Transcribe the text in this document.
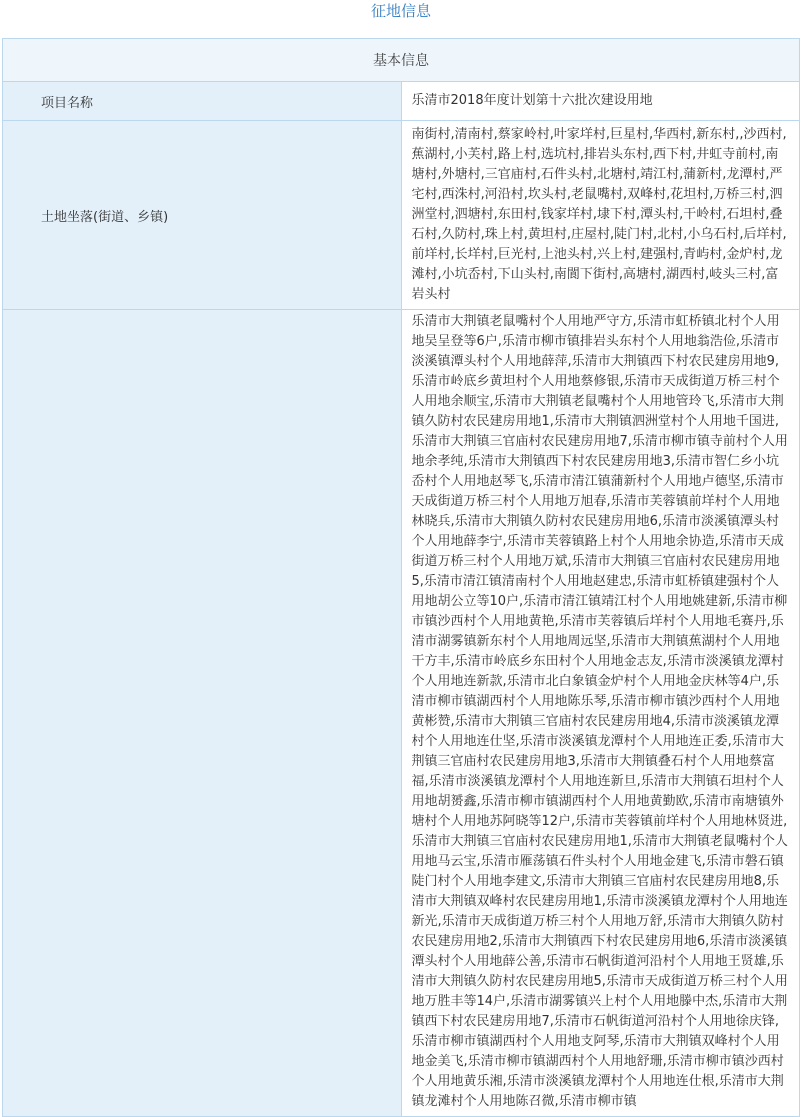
征地信息
基本信息	
项目名称	乐清市2018年度计划第十六批次建设用地
土地坐落(街道、乡镇)	南街村,清南村,蔡家岭村,叶家垟村,巨星村,华西村,新东村,,沙西村,蕉湖村,小芙村,路上村,选坑村,排岩头东村,西下村,井虹寺前村,南塘村,外塘村,三官庙村,石件头村,北塘村,靖江村,蒲新村,龙潭村,严宅村,西洙村,河沿村,坎头村,老鼠嘴村,双峰村,花坦村,万桥三村,泗洲堂村,泗塘村,东田村,钱家垟村,埭下村,潭头村,干岭村,石坦村,叠石村,久防村,珠上村,黄坦村,庄屋村,陡门村,北村,小乌石村,后垟村,前垟村,长垟村,巨光村,上池头村,兴上村,建强村,青屿村,金炉村,龙滩村,小坑岙村,下山头村,南閬下街村,高塘村,湖西村,岐头三村,富岩头村
	乐清市大荆镇老鼠嘴村个人用地严守方,乐清市虹桥镇北村个人用地吴呈登等6户,乐清市柳市镇排岩头东村个人用地翁浩俭,乐清市淡溪镇潭头村个人用地薛萍,乐清市大荆镇西下村农民建房用地9,乐清市岭底乡黄坦村个人用地蔡修银,乐清市天成街道万桥三村个人用地余顺宝,乐清市大荆镇老鼠嘴村个人用地管玲飞,乐清市大荆镇久防村农民建房用地1,乐清市大荆镇泗洲堂村个人用地千国进,乐清市大荆镇三官庙村农民建房用地7,乐清市柳市镇寺前村个人用地余孝纯,乐清市大荆镇西下村农民建房用地3,乐清市智仁乡小坑岙村个人用地赵琴飞,乐清市清江镇蒲新村个人用地卢德坚,乐清市天成街道万桥三村个人用地万旭春,乐清市芙蓉镇前垟村个人用地林晓兵,乐清市大荆镇久防村农民建房用地6,乐清市淡溪镇潭头村个人用地薛李宁,乐清市芙蓉镇路上村个人用地余协造,乐清市天成街道万桥三村个人用地万斌,乐清市大荆镇三官庙村农民建房用地5,乐清市清江镇清南村个人用地赵建忠,乐清市虹桥镇建强村个人用地胡公立等10户,乐清市清江镇靖江村个人用地姚建新,乐清市柳市镇沙西村个人用地黄艳,乐清市芙蓉镇后垟村个人用地毛赛丹,乐清市湖雾镇新东村个人用地周远坚,乐清市大荆镇蕉湖村个人用地干方丰,乐清市岭底乡东田村个人用地金志友,乐清市淡溪镇龙潭村个人用地连新款,乐清市北白象镇金炉村个人用地金庆林等4户,乐清市柳市镇湖西村个人用地陈乐琴,乐清市柳市镇沙西村个人用地黄彬赞,乐清市大荆镇三官庙村农民建房用地4,乐清市淡溪镇龙潭村个人用地连仕坚,乐清市淡溪镇龙潭村个人用地连正委,乐清市大荆镇三官庙村农民建房用地3,乐清市大荆镇叠石村个人用地蔡富福,乐清市淡溪镇龙潭村个人用地连新旦,乐清市大荆镇石坦村个人用地胡赟鑫,乐清市柳市镇湖西村个人用地黄勤欧,乐清市南塘镇外塘村个人用地苏阿晓等12户,乐清市芙蓉镇前垟村个人用地林贤进,乐清市大荆镇三官庙村农民建房用地1,乐清市大荆镇老鼠嘴村个人用地马云宝,乐清市雁荡镇石件头村个人用地金建飞,乐清市磐石镇陡门村个人用地李建文,乐清市大荆镇三官庙村农民建房用地8,乐清市大荆镇双峰村农民建房用地1,乐清市淡溪镇龙潭村个人用地连新光,乐清市天成街道万桥三村个人用地万舒,乐清市大荆镇久防村农民建房用地2,乐清市大荆镇西下村农民建房用地6,乐清市淡溪镇潭头村个人用地薛公善,乐清市石帆街道河沿村个人用地王贤雄,乐清市大荆镇久防村农民建房用地5,乐清市天成街道万桥三村个人用地万胜丰等14户,乐清市湖雾镇兴上村个人用地滕中杰,乐清市大荆镇西下村农民建房用地7,乐清市石帆街道河沿村个人用地徐庆锋,乐清市柳市镇湖西村个人用地支阿琴,乐清市大荆镇双峰村个人用地金美飞,乐清市柳市镇湖西村个人用地舒珊,乐清市柳市镇沙西村个人用地黄乐湘,乐清市淡溪镇龙潭村个人用地连仕根,乐清市大荆镇龙滩村个人用地陈召微,乐清市柳市镇
